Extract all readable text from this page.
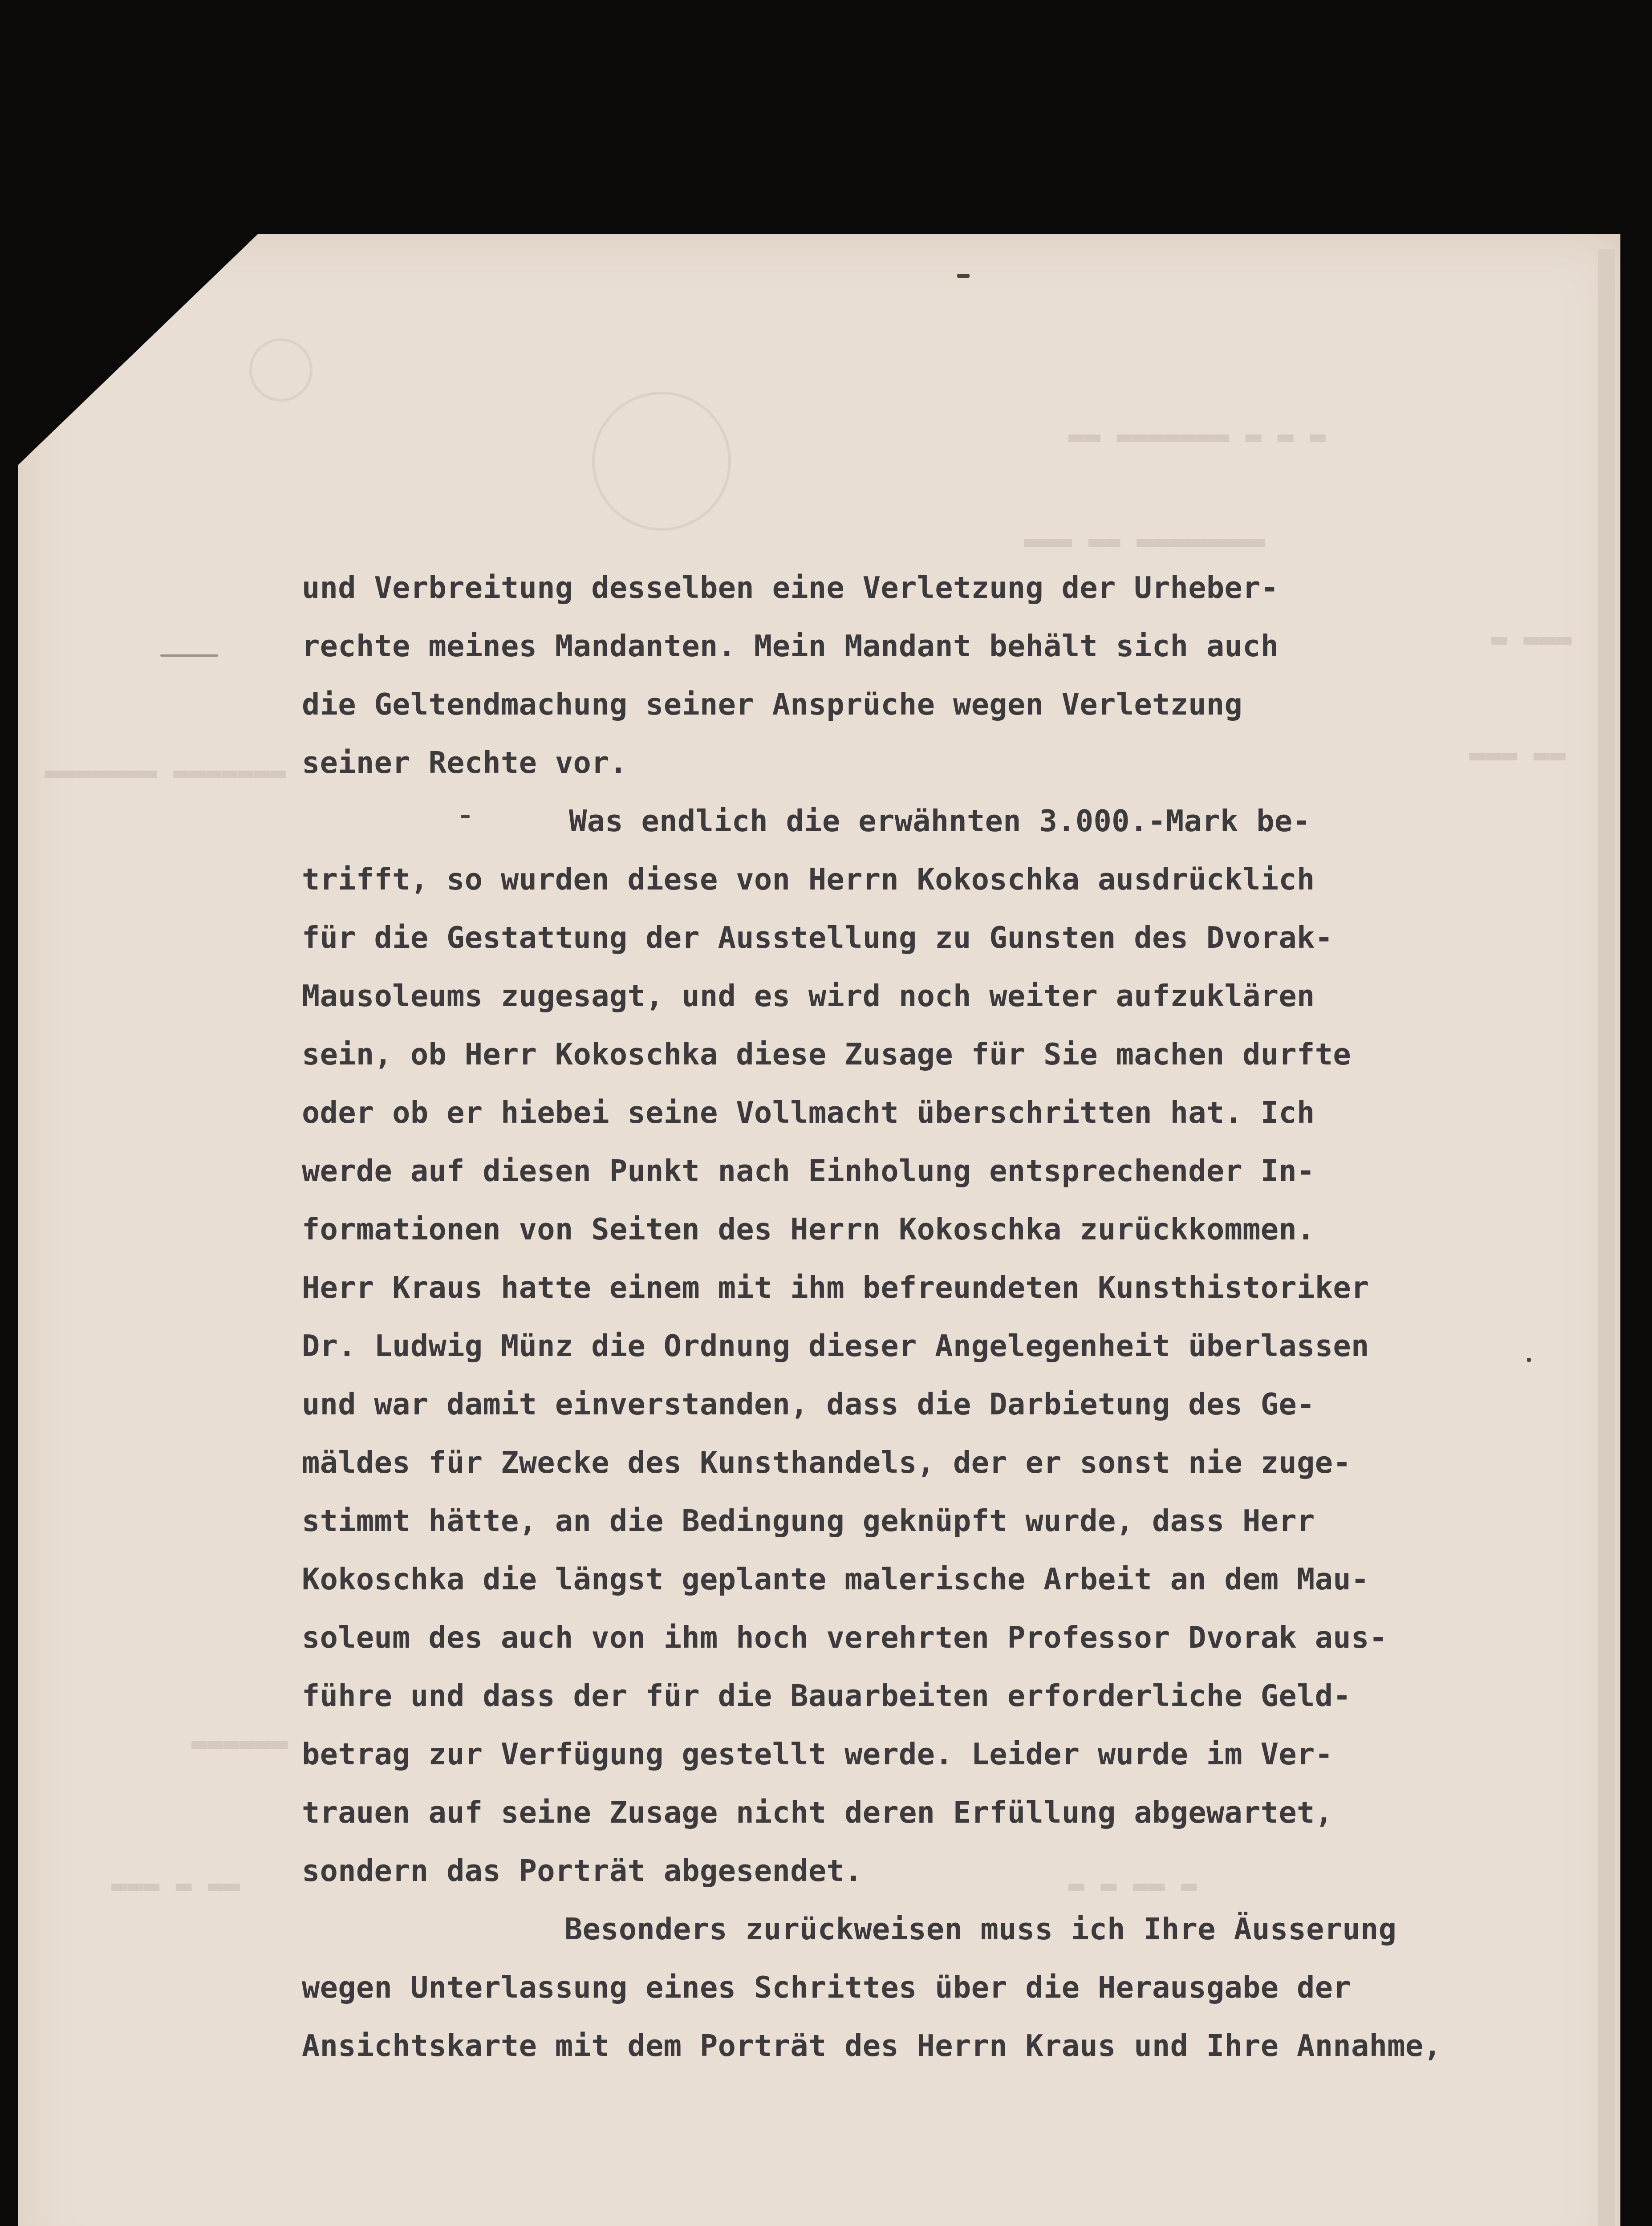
▬▬ ▬▬▬▬▬▬▬ ▬ ▬ ▬
▬▬▬ ▬▬ ▬▬▬▬▬▬▬▬
▬ ▬▬▬
▬▬▬ ▬▬
▬▬▬▬▬▬▬ ▬▬▬▬▬▬▬
▬▬▬▬▬▬
▬▬▬ ▬ ▬▬	▬ ▬ ▬▬ ▬
und Verbreitung desselben eine Verletzung der Urheber-
rechte meines Mandanten. Mein Mandant behält sich auch
die Geltendmachung seiner Ansprüche wegen Verletzung
seiner Rechte vor.
Was endlich die erwähnten 3.000.-Mark be-
trifft, so wurden diese von Herrn Kokoschka ausdrücklich
für die Gestattung der Ausstellung zu Gunsten des Dvorak-
Mausoleums zugesagt, und es wird noch weiter aufzuklären
sein, ob Herr Kokoschka diese Zusage für Sie machen durfte
oder ob er hiebei seine Vollmacht überschritten hat. Ich
werde auf diesen Punkt nach Einholung entsprechender In-
formationen von Seiten des Herrn Kokoschka zurückkommen.
Herr Kraus hatte einem mit ihm befreundeten Kunsthistoriker
Dr. Ludwig Münz die Ordnung dieser Angelegenheit überlassen
und war damit einverstanden, dass die Darbietung des Ge-
mäldes für Zwecke des Kunsthandels, der er sonst nie zuge-
stimmt hätte, an die Bedingung geknüpft wurde, dass Herr
Kokoschka die längst geplante malerische Arbeit an dem Mau-
soleum des auch von ihm hoch verehrten Professor Dvorak aus-
führe und dass der für die Bauarbeiten erforderliche Geld-
betrag zur Verfügung gestellt werde. Leider wurde im Ver-
trauen auf seine Zusage nicht deren Erfüllung abgewartet,
sondern das Porträt abgesendet.
Besonders zurückweisen muss ich Ihre Äusserung
wegen Unterlassung eines Schrittes über die Herausgabe der
Ansichtskarte mit dem Porträt des Herrn Kraus und Ihre Annahme,
